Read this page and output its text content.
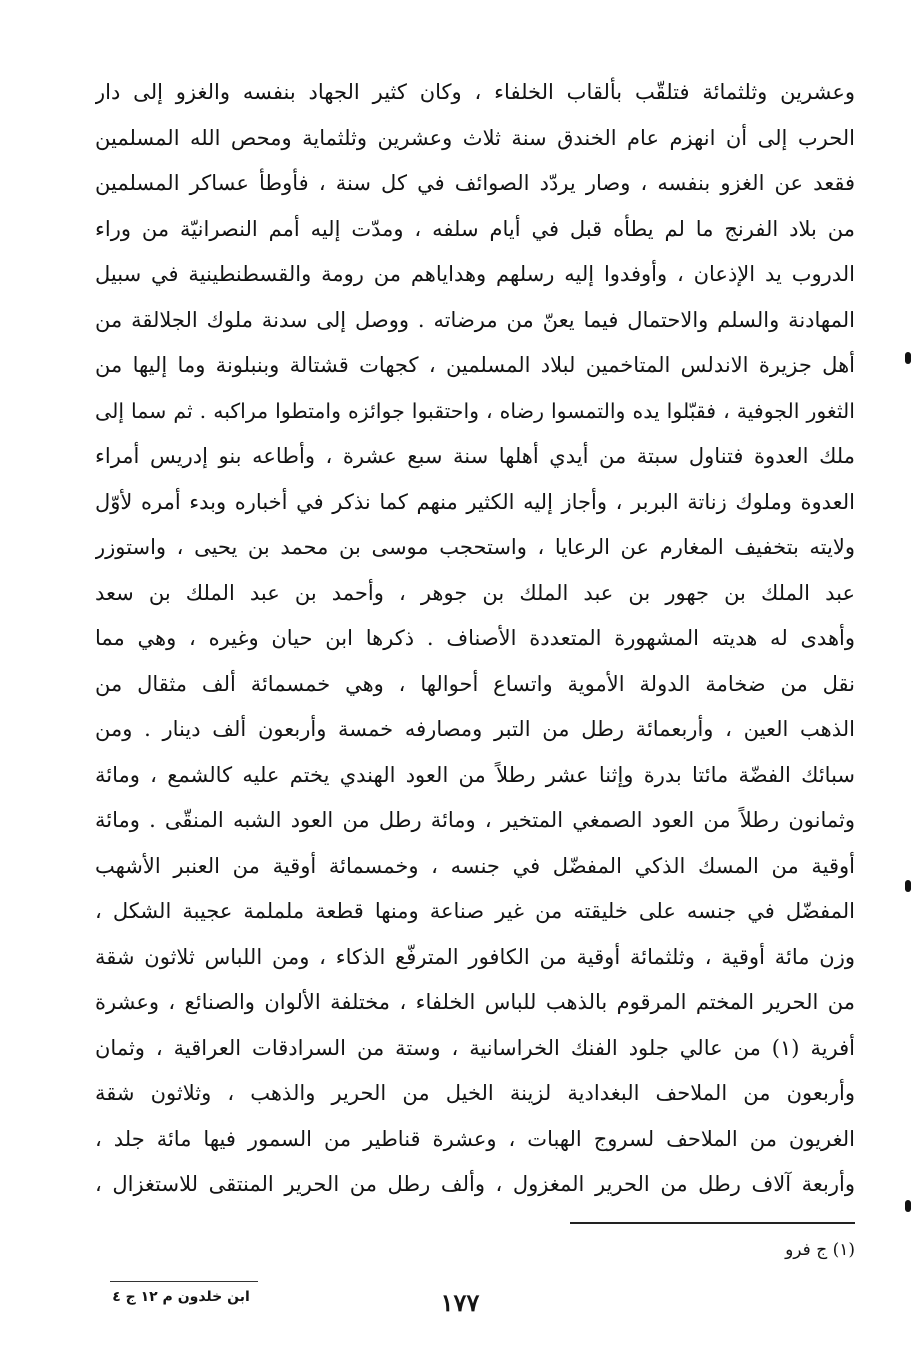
وعشرين وثلثمائة فتلقّب بألقاب الخلفاء ، وكان كثير الجهاد بنفسه والغزو إلى دار
الحرب إلى أن انهزم عام الخندق سنة ثلاث وعشرين وثلثماية ومحص الله المسلمين
فقعد عن الغزو بنفسه ، وصار يردّد الصوائف في كل سنة ، فأوطأ عساكر المسلمين
من بلاد الفرنج ما لم يطأه قبل في أيام سلفه ، ومدّت إليه أمم النصرانيّة من وراء
الدروب يد الإذعان ، وأوفدوا إليه رسلهم وهداياهم من رومة والقسطنطينية في سبيل
المهادنة والسلم والاحتمال فيما يعنّ من مرضاته . ووصل إلى سدنة ملوك الجلالقة من
أهل جزيرة الاندلس المتاخمين لبلاد المسلمين ، كجهات قشتالة وبنبلونة وما إليها من
الثغور الجوفية ، فقبّلوا يده والتمسوا رضاه ، واحتقبوا جوائزه وامتطوا مراكبه . ثم سما إلى
ملك العدوة فتناول سبتة من أيدي أهلها سنة سبع عشرة ، وأطاعه بنو إدريس أمراء
العدوة وملوك زناتة البربر ، وأجاز إليه الكثير منهم كما نذكر في أخباره وبدء أمره لأوّل
ولايته بتخفيف المغارم عن الرعايا ، واستحجب موسى بن محمد بن يحيى ، واستوزر
عبد الملك بن جهور بن عبد الملك بن جوهر ، وأحمد بن عبد الملك بن سعد
وأهدى له هديته المشهورة المتعددة الأصناف . ذكرها ابن حيان وغيره ، وهي مما
نقل من ضخامة الدولة الأموية واتساع أحوالها ، وهي خمسمائة ألف مثقال من
الذهب العين ، وأربعمائة رطل من التبر ومصارفه خمسة وأربعون ألف دينار . ومن
سبائك الفضّة مائتا بدرة وإثنا عشر رطلاً من العود الهندي يختم عليه كالشمع ، ومائة
وثمانون رطلاً من العود الصمغي المتخير ، ومائة رطل من العود الشبه المنقّى . ومائة
أوقية من المسك الذكي المفضّل في جنسه ، وخمسمائة أوقية من العنبر الأشهب
المفضّل في جنسه على خليقته من غير صناعة ومنها قطعة ململمة عجيبة الشكل ،
وزن مائة أوقية ، وثلثمائة أوقية من الكافور المترفّع الذكاء ، ومن اللباس ثلاثون شقة
من الحرير المختم المرقوم بالذهب للباس الخلفاء ، مختلفة الألوان والصنائع ، وعشرة
أفرية (١) من عالي جلود الفنك الخراسانية ، وستة من السرادقات العراقية ، وثمان
وأربعون من الملاحف البغدادية لزينة الخيل من الحرير والذهب ، وثلاثون شقة
الغريون من الملاحف لسروج الهبات ، وعشرة قناطير من السمور فيها مائة جلد ،
وأربعة آلاف رطل من الحرير المغزول ، وألف رطل من الحرير المنتقى للاستغزال ،
(١) ج فرو
ابن خلدون م ١٢ ج ٤	١٧٧
